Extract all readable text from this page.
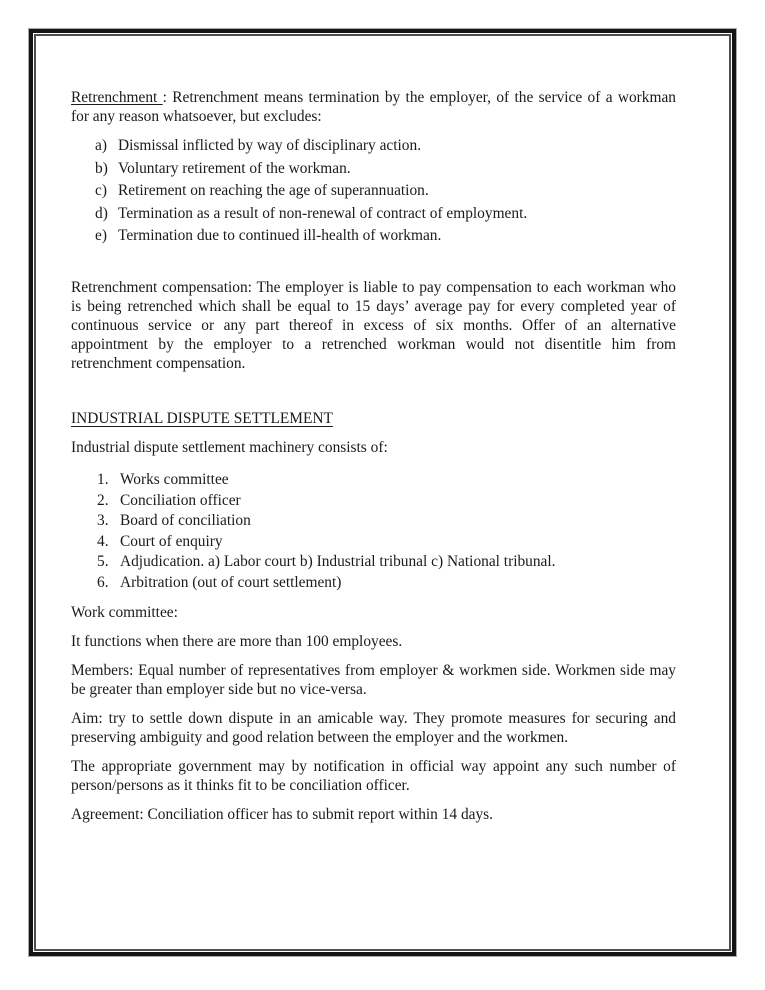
Retrenchment : Retrenchment means termination by the employer, of the service of a workman for any reason whatsoever, but excludes:

a) Dismissal inflicted by way of disciplinary action.
b) Voluntary retirement of the workman.
c) Retirement on reaching the age of superannuation.
d) Termination as a result of non-renewal of contract of employment.
e) Termination due to continued ill-health of workman.

Retrenchment compensation: The employer is liable to pay compensation to each workman who is being retrenched which shall be equal to 15 days’ average pay for every completed year of continuous service or any part thereof in excess of six months. Offer of an alternative appointment by the employer to a retrenched workman would not disentitle him from retrenchment compensation.

INDUSTRIAL DISPUTE SETTLEMENT

Industrial dispute settlement machinery consists of:

1. Works committee
2. Conciliation officer
3. Board of conciliation
4. Court of enquiry
5. Adjudication. a) Labor court b) Industrial tribunal c) National tribunal.
6. Arbitration (out of court settlement)

Work committee:

It functions when there are more than 100 employees.

Members: Equal number of representatives from employer & workmen side. Workmen side may be greater than employer side but no vice-versa.

Aim: try to settle down dispute in an amicable way. They promote measures for securing and preserving ambiguity and good relation between the employer and the workmen.

The appropriate government may by notification in official way appoint any such number of person/persons as it thinks fit to be conciliation officer.

Agreement: Conciliation officer has to submit report within 14 days.
